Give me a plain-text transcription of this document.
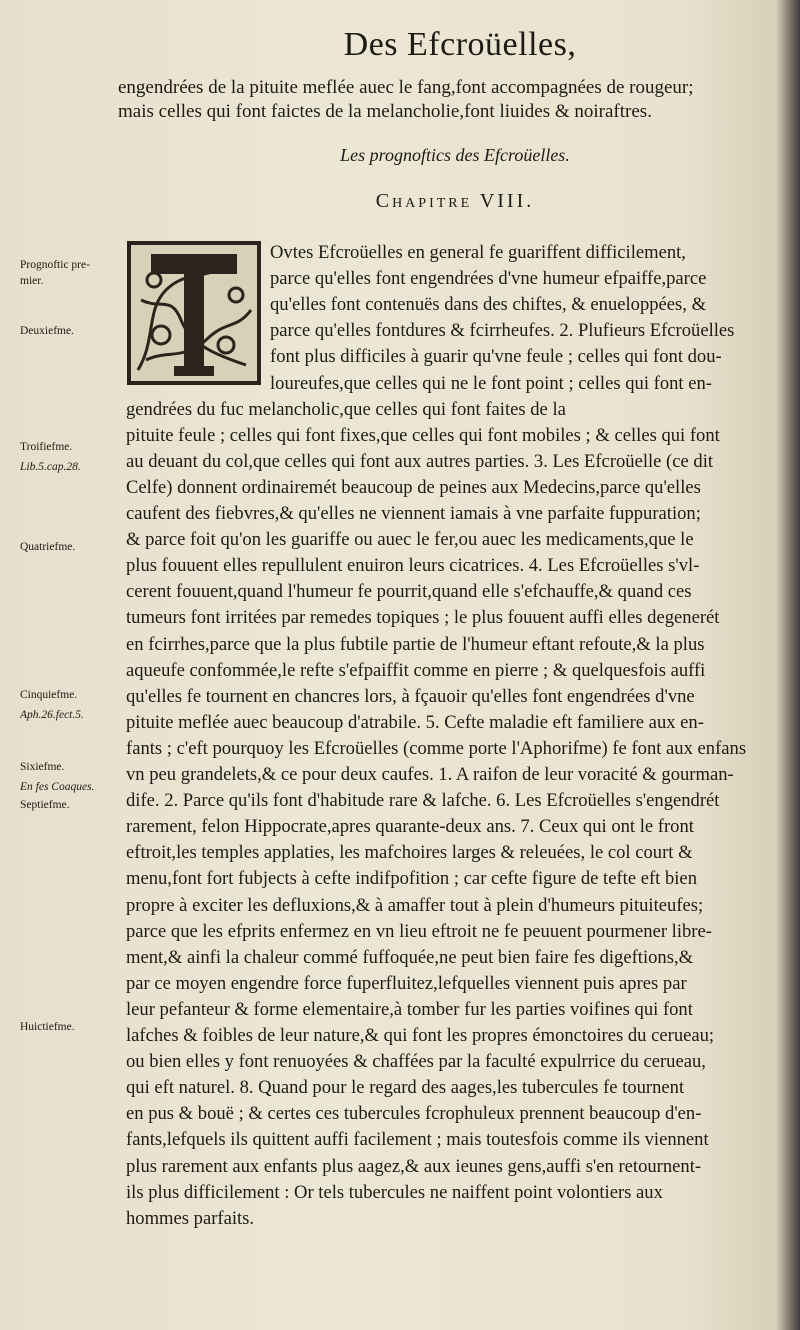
Des Efcroüelles,
engendrées de la pituite meflée auec le fang,font accompagnées de rougeur;
mais celles qui font faictes de la melancholie,font liuides & noiraftres.
Les prognoftics des Efcroüelles.
Chapitre VIII.
Ovtes Efcroüelles en general fe guariffent difficilement,
parce qu'elles font engendrées d'vne humeur efpaiffe,parce
qu'elles font contenuës dans des chiftes, & enueloppées, &
parce qu'elles fontdures & fcirrheufes. 2. Plufieurs Efcroüelles
font plus difficiles à guarir qu'vne feule ; celles qui font dou-
loureufes,que celles qui ne le font point ; celles qui font en-
gendrées du fuc melancholic,que celles qui font faites de la
pituite feule ; celles qui font fixes,que celles qui font mobiles ; & celles qui font
au deuant du col,que celles qui font aux autres parties. 3. Les Efcroüelle (ce dit
Celfe) donnent ordinairemét beaucoup de peines aux Medecins,parce qu'elles
caufent des fiebvres,& qu'elles ne viennent iamais à vne parfaite fuppuration;
& parce foit qu'on les guariffe ou auec le fer,ou auec les medicaments,que le
plus fouuent elles repullulent enuiron leurs cicatrices. 4. Les Efcroüelles s'vl-
cerent fouuent,quand l'humeur fe pourrit,quand elle s'efchauffe,& quand ces
tumeurs font irritées par remedes topiques ; le plus fouuent auffi elles degenerét
en fcirrhes,parce que la plus fubtile partie de l'humeur eftant refoute,& la plus
aqueufe confommée,le refte s'efpaiffit comme en pierre ; & quelquesfois auffi
qu'elles fe tournent en chancres lors, à fçauoir qu'elles font engendrées d'vne
pituite meflée auec beaucoup d'atrabile. 5. Cefte maladie eft familiere aux en-
fants ; c'eft pourquoy les Efcroüelles (comme porte l'Aphorifme) fe font aux enfans
vn peu grandelets,& ce pour deux caufes. 1. A raifon de leur voracité & gourman-
dife. 2. Parce qu'ils font d'habitude rare & lafche. 6. Les Efcroüelles s'engendrét
rarement, felon Hippocrate,apres quarante-deux ans. 7. Ceux qui ont le front
eftroit,les temples applaties, les mafchoires larges & releuées, le col court &
menu,font fort fubjects à cefte indifpofition ; car cefte figure de tefte eft bien
propre à exciter les defluxions,& à amaffer tout à plein d'humeurs pituiteufes;
parce que les efprits enfermez en vn lieu eftroit ne fe peuuent pourmener libre-
ment,& ainfi la chaleur commé fuffoquée,ne peut bien faire fes digeftions,&
par ce moyen engendre force fuperfluitez,lefquelles viennent puis apres par
leur pefanteur & forme elementaire,à tomber fur les parties voifines qui font
lafches & foibles de leur nature,& qui font les propres émonctoires du cerueau;
ou bien elles y font renuoyées & chaffées par la faculté expulrrice du cerueau,
qui eft naturel. 8. Quand pour le regard des aages,les tubercules fe tournent
en pus & bouë ; & certes ces tubercules fcrophuleux prennent beaucoup d'en-
fants,lefquels ils quittent auffi facilement ; mais toutesfois comme ils viennent
plus rarement aux enfants plus aagez,& aux ieunes gens,auffi s'en retournent-
ils plus difficilement : Or tels tubercules ne naiffent point volontiers aux
hommes parfaits.
Prognoftic pre-
mier.
Deuxiefme.
Troifiefme.
Lib.5.cap.28.
Quatriefme.
Cinquiefme.
Aph.26.fect.5.
Sixiefme.
En fes Coaques.
Septiefme.
Huictiefme.
